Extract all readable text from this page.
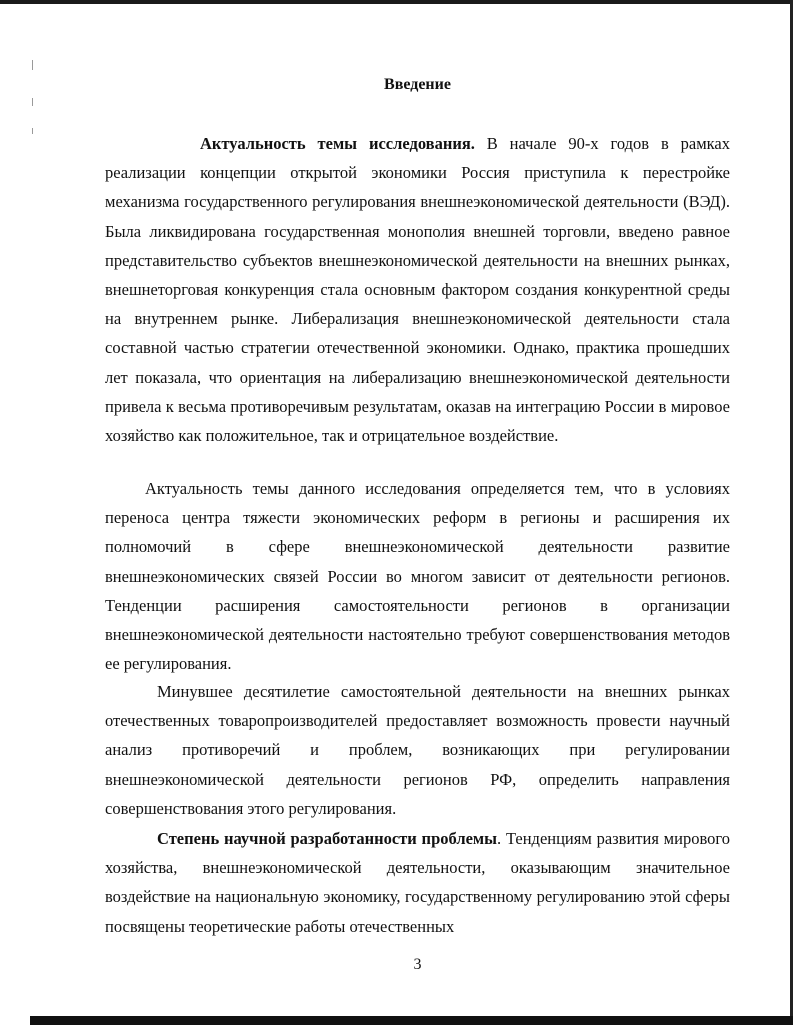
Введение

Актуальность темы исследования. В начале 90-х годов в рамках реализации концепции открытой экономики Россия приступила к перестройке механизма государственного регулирования внешнеэкономической деятельности (ВЭД). Была ликвидирована государственная монополия внешней торговли, введено равное представительство субъектов внешнеэкономической деятельности на внешних рынках, внешнеторговая конкуренция стала основным фактором создания конкурентной среды на внутреннем рынке. Либерализация внешнеэкономической деятельности стала составной частью стратегии отечественной экономики. Однако, практика прошедших лет показала, что ориентация на либерализацию внешнеэкономической деятельности привела к весьма противоречивым результатам, оказав на интеграцию России в мировое хозяйство как положительное, так и отрицательное воздействие.

Актуальность темы данного исследования определяется тем, что в условиях переноса центра тяжести экономических реформ в регионы и расширения их полномочий в сфере внешнеэкономической деятельности развитие внешнеэкономических связей России во многом зависит от деятельности регионов. Тенденции расширения самостоятельности регионов в организации внешнеэкономической деятельности настоятельно требуют совершенствования методов ее регулирования.

Минувшее десятилетие самостоятельной деятельности на внешних рынках отечественных товаропроизводителей предоставляет возможность провести научный анализ противоречий и проблем, возникающих при регулировании внешнеэкономической деятельности регионов РФ, определить направления совершенствования этого регулирования.

Степень научной разработанности проблемы. Тенденциям развития мирового хозяйства, внешнеэкономической деятельности, оказывающим значительное воздействие на национальную экономику, государственному регулированию этой сферы посвящены теоретические работы отечественных

3
